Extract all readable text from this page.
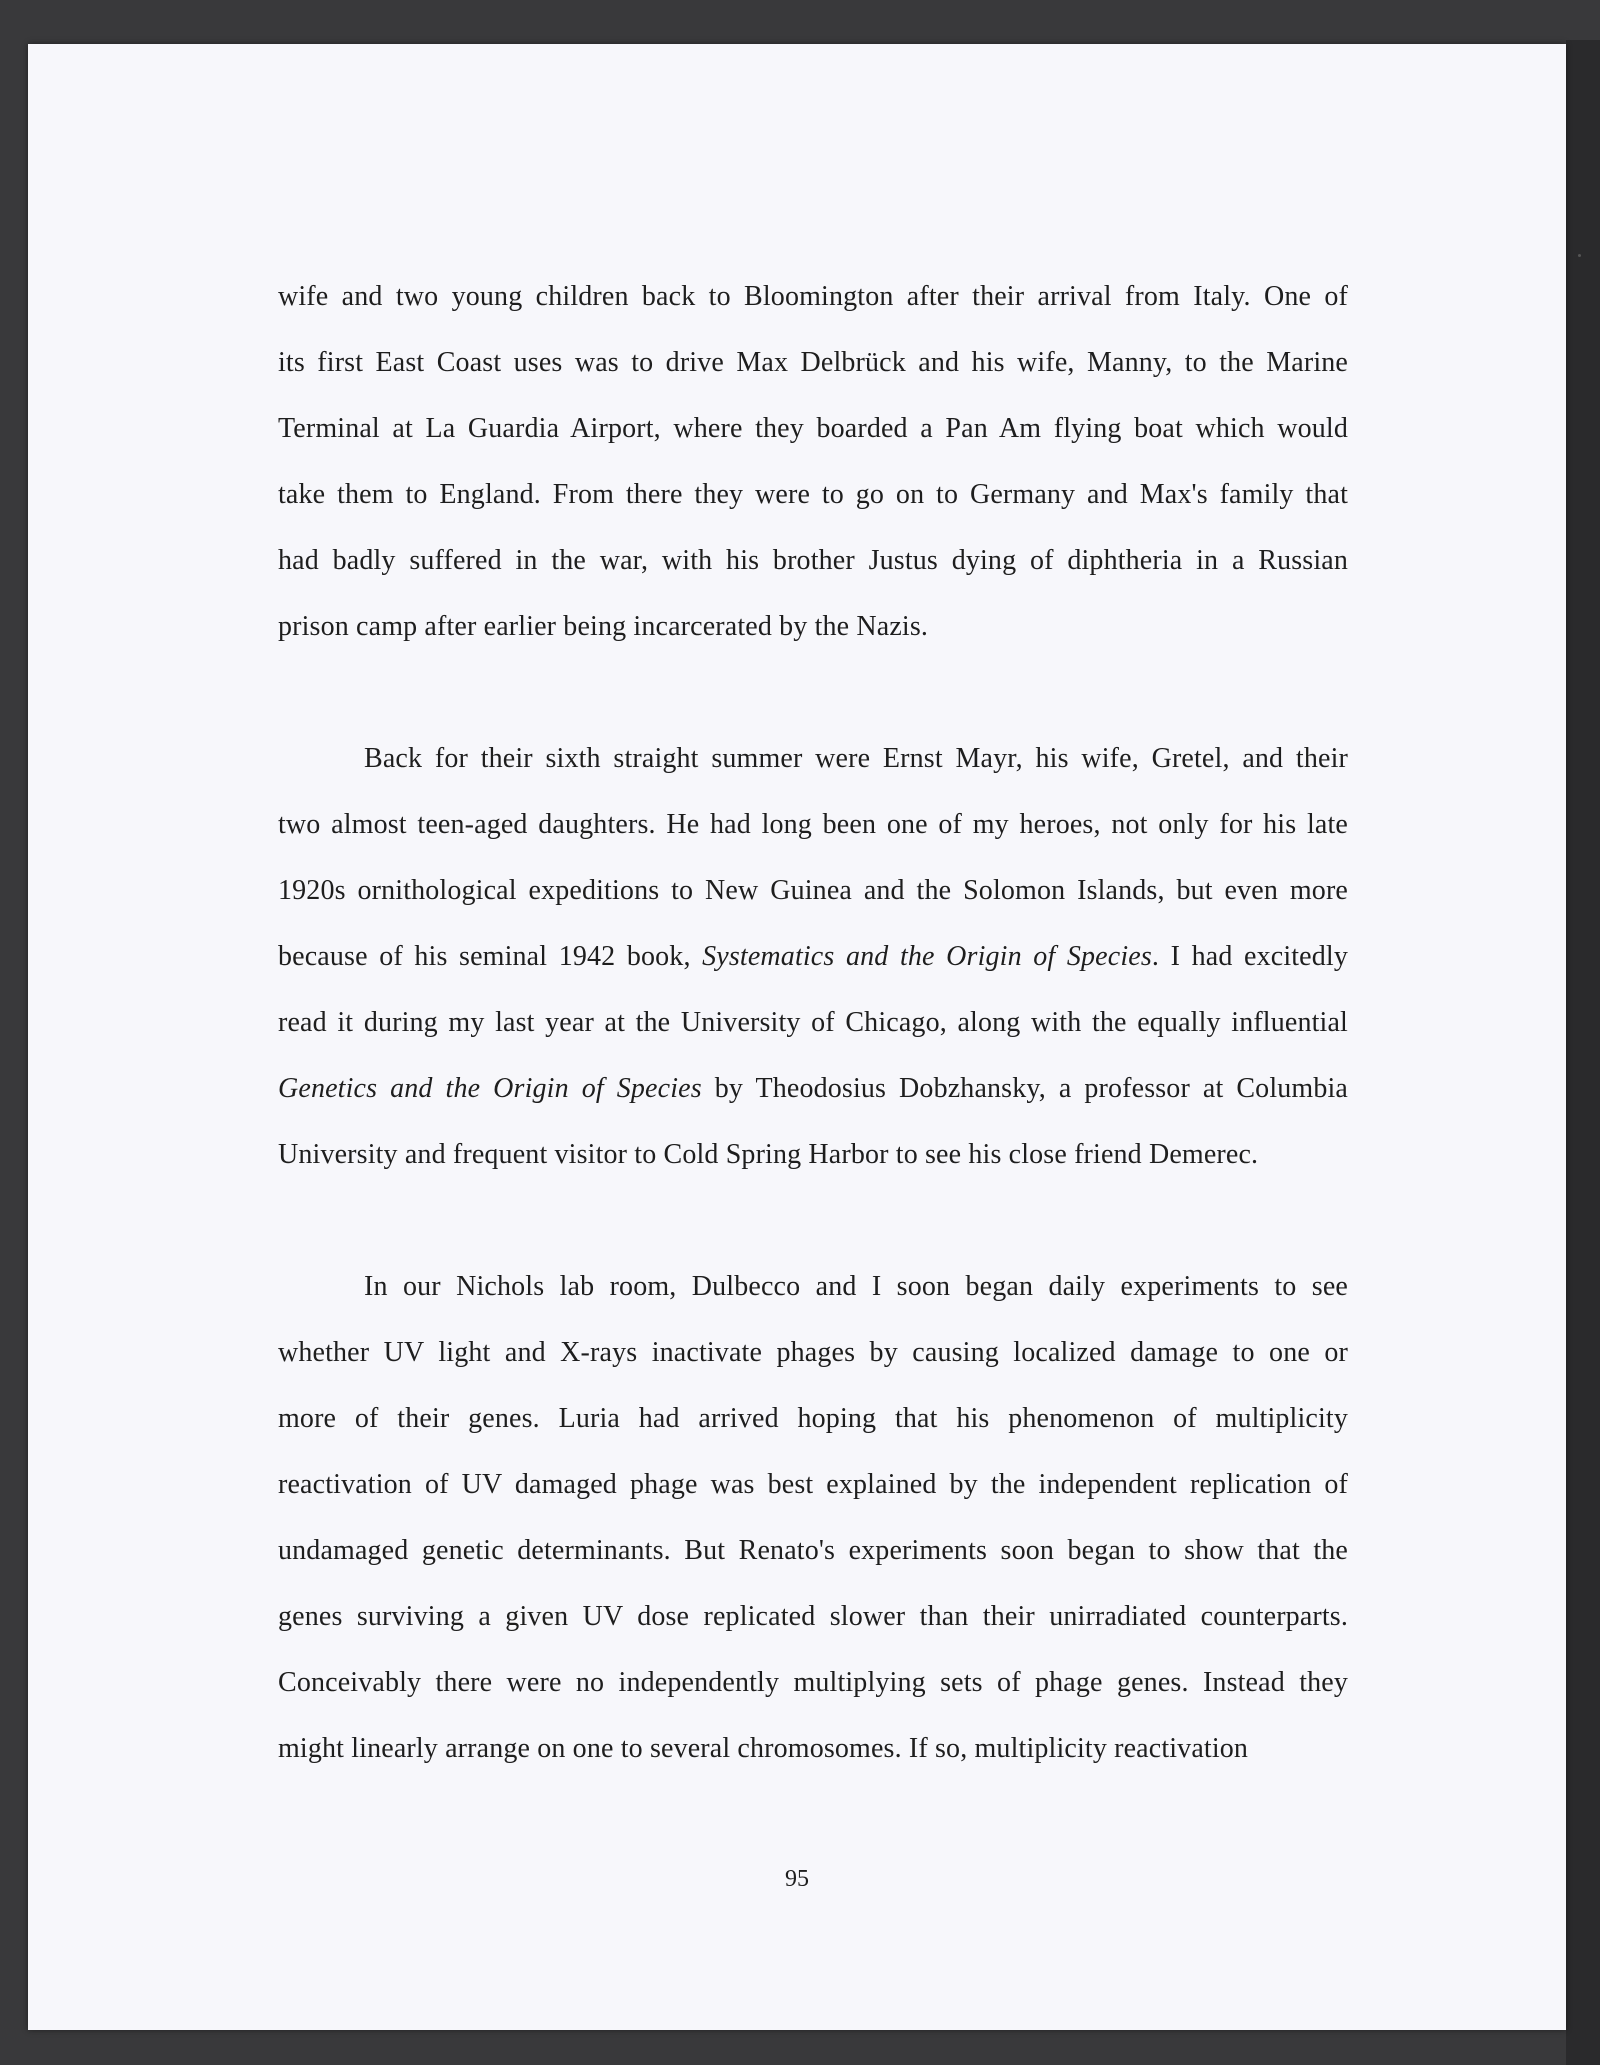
wife and two young children back to Bloomington after their arrival from Italy. One of
its first East Coast uses was to drive Max Delbrück and his wife, Manny, to the Marine
Terminal at La Guardia Airport, where they boarded a Pan Am flying boat which would
take them to England. From there they were to go on to Germany and Max's family that
had badly suffered in the war, with his brother Justus dying of diphtheria in a Russian
prison camp after earlier being incarcerated by the Nazis.
Back for their sixth straight summer were Ernst Mayr, his wife, Gretel, and their
two almost teen-aged daughters. He had long been one of my heroes, not only for his late
1920s ornithological expeditions to New Guinea and the Solomon Islands, but even more
because of his seminal 1942 book, Systematics and the Origin of Species. I had excitedly
read it during my last year at the University of Chicago, along with the equally influential
Genetics and the Origin of Species by Theodosius Dobzhansky, a professor at Columbia
University and frequent visitor to Cold Spring Harbor to see his close friend Demerec.
In our Nichols lab room, Dulbecco and I soon began daily experiments to see
whether UV light and X-rays inactivate phages by causing localized damage to one or
more of their genes. Luria had arrived hoping that his phenomenon of multiplicity
reactivation of UV damaged phage was best explained by the independent replication of
undamaged genetic determinants. But Renato's experiments soon began to show that the
genes surviving a given UV dose replicated slower than their unirradiated counterparts.
Conceivably there were no independently multiplying sets of phage genes. Instead they
might linearly arrange on one to several chromosomes. If so, multiplicity reactivation
95
